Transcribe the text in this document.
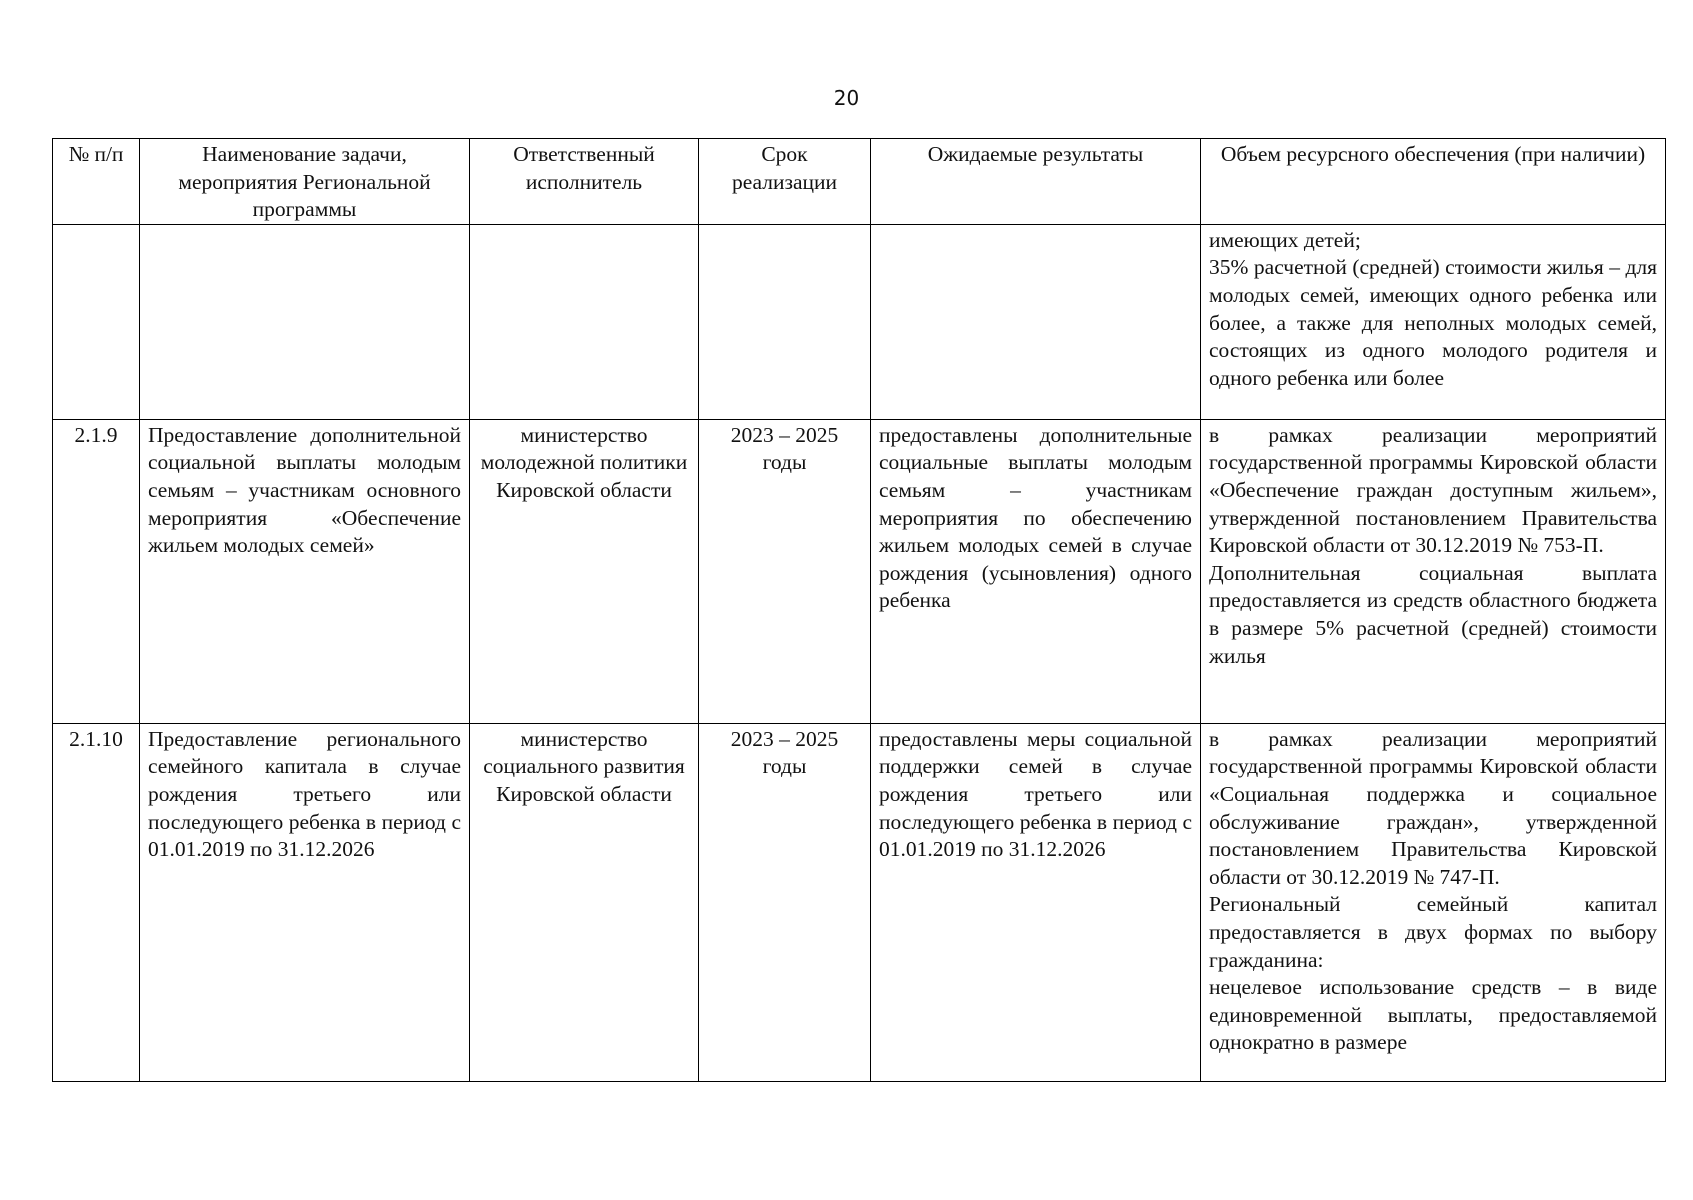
20
№ п/п	Наименование задачи, мероприятия Региональной программы	Ответственный исполнитель	Срок реализации	Ожидаемые результаты	Объем ресурсного обеспечения (при наличии)

					имеющих детей;
35% расчетной (средней) стоимости жилья – для молодых семей, имеющих одного ребенка или более, а также для неполных молодых семей, состоящих из одного молодого родителя и одного ребенка или более

2.1.9	Предоставление дополнительной социальной выплаты молодым семьям – участникам основного мероприятия «Обеспечение жильем молодых семей»	министерство молодежной политики Кировской области	2023 – 2025 годы	предоставлены дополнительные социальные выплаты молодым семьям – участникам мероприятия по обеспечению жильем молодых семей в случае рождения (усыновления) одного ребенка	в рамках реализации мероприятий государственной программы Кировской области «Обеспечение граждан доступным жильем», утвержденной постановлением Правительства Кировской области от 30.12.2019 № 753-П.
Дополнительная социальная выплата предоставляется из средств областного бюджета в размере 5% расчетной (средней) стоимости жилья

2.1.10	Предоставление регионального семейного капитала в случае рождения третьего или последующего ребенка в период с 01.01.2019 по 31.12.2026	министерство социального развития Кировской области	2023 – 2025 годы	предоставлены меры социальной поддержки семей в случае рождения третьего или последующего ребенка в период с 01.01.2019 по 31.12.2026	в рамках реализации мероприятий государственной программы Кировской области «Социальная поддержка и социальное обслуживание граждан», утвержденной постановлением Правительства Кировской области от 30.12.2019 № 747-П.
Региональный семейный капитал предоставляется в двух формах по выбору гражданина:
нецелевое использование средств – в виде единовременной выплаты, предоставляемой однократно в размере
